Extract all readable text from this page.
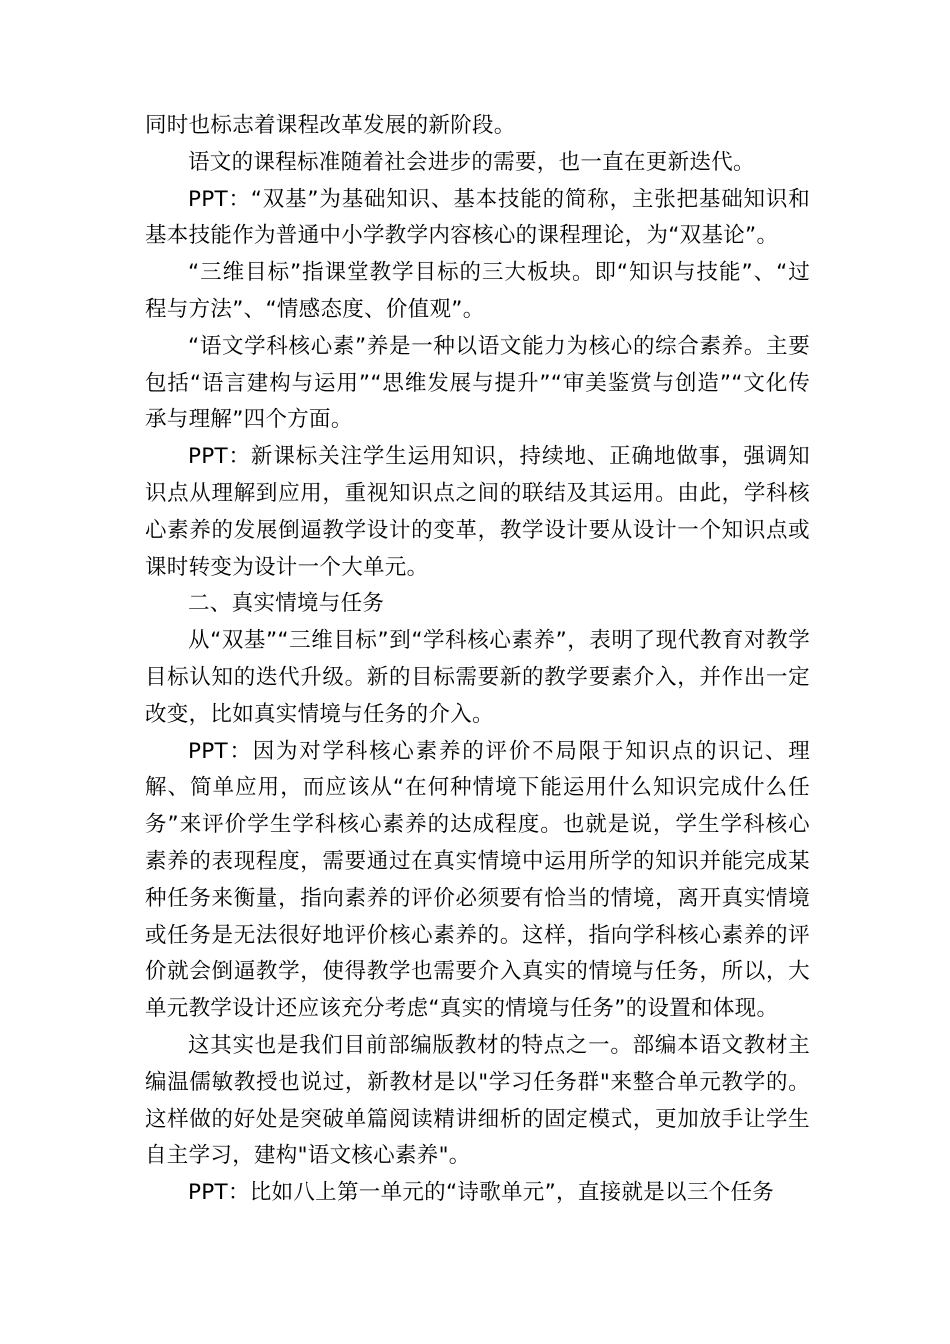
同时也标志着课程改革发展的新阶段。

语文的课程标准随着社会进步的需要，也一直在更新迭代。

PPT：“双基”为基础知识、基本技能的简称，主张把基础知识和基本技能作为普通中小学教学内容核心的课程理论，为“双基论”。

“三维目标”指课堂教学目标的三大板块。即“知识与技能”、“过程与方法”、“情感态度、价值观”。

“语文学科核心素”养是一种以语文能力为核心的综合素养。主要包括“语言建构与运用”“思维发展与提升”“审美鉴赏与创造”“文化传承与理解”四个方面。

PPT：新课标关注学生运用知识，持续地、正确地做事，强调知识点从理解到应用，重视知识点之间的联结及其运用。由此，学科核心素养的发展倒逼教学设计的变革，教学设计要从设计一个知识点或课时转变为设计一个大单元。

二、真实情境与任务

从“双基”“三维目标”到“学科核心素养”，表明了现代教育对教学目标认知的迭代升级。新的目标需要新的教学要素介入，并作出一定改变，比如真实情境与任务的介入。

PPT：因为对学科核心素养的评价不局限于知识点的识记、理解、简单应用，而应该从“在何种情境下能运用什么知识完成什么任务”来评价学生学科核心素养的达成程度。也就是说，学生学科核心素养的表现程度，需要通过在真实情境中运用所学的知识并能完成某种任务来衡量，指向素养的评价必须要有恰当的情境，离开真实情境或任务是无法很好地评价核心素养的。这样，指向学科核心素养的评价就会倒逼教学，使得教学也需要介入真实的情境与任务，所以，大单元教学设计还应该充分考虑“真实的情境与任务”的设置和体现。

这其实也是我们目前部编版教材的特点之一。部编本语文教材主编温儒敏教授也说过，新教材是以"学习任务群"来整合单元教学的。这样做的好处是突破单篇阅读精讲细析的固定模式，更加放手让学生自主学习，建构"语文核心素养"。

PPT：比如八上第一单元的“诗歌单元”，直接就是以三个任务
